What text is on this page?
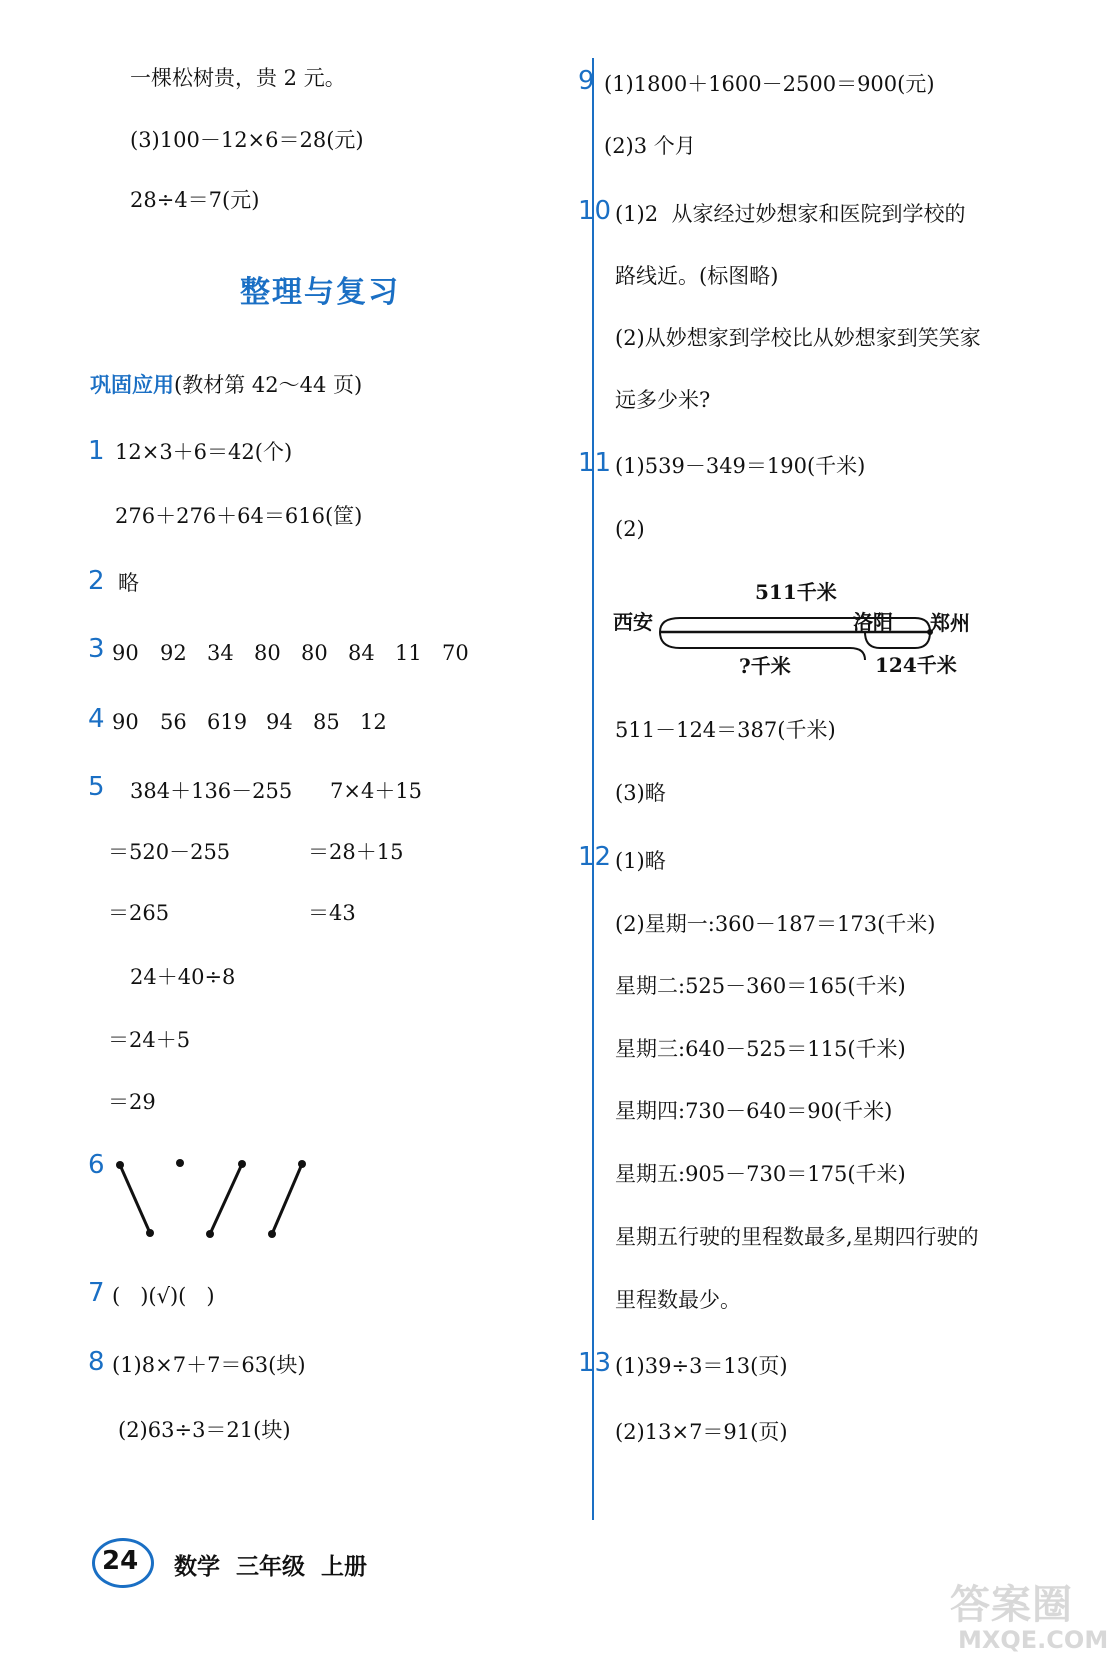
一棵松树贵，贵 2 元。
(3)100－12×6＝28(元)
28÷4＝7(元)
整理与复习
巩固应用(教材第 42～44 页)
1 12×3＋6＝42(个)
276＋276＋64＝616(筐)
2 略
3 90 92 34 80 80 84 11 70
4 90 56 619 94 85 12
5 384＋136－255
＝520－255
＝265
7×4＋15
＝28＋15
＝43
24＋40÷8
＝24＋5
＝29
6
7 (   )(√)(   )
8 (1)8×7＋7＝63(块)
(2)63÷3＝21(块)
9 (1)1800＋1600－2500＝900(元)
(2)3 个月
10 (1)2  从家经过妙想家和医院到学校的
路线近。(标图略)
(2)从妙想家到学校比从妙想家到笑笑家
远多少米?
11 (1)539－349＝190(千米)
(2)
511千米
西安	洛阳 郑州
?千米	124千米
511－124＝387(千米)
(3)略
12 (1)略
(2)星期一:360－187＝173(千米)
星期二:525－360＝165(千米)
星期三:640－525＝115(千米)
星期四:730－640＝90(千米)
星期五:905－730＝175(千米)
星期五行驶的里程数最多,星期四行驶的
里程数最少。
13 (1)39÷3＝13(页)
(2)13×7＝91(页)
24 数学  三年级  上册
答案圈
MXQE.COM
